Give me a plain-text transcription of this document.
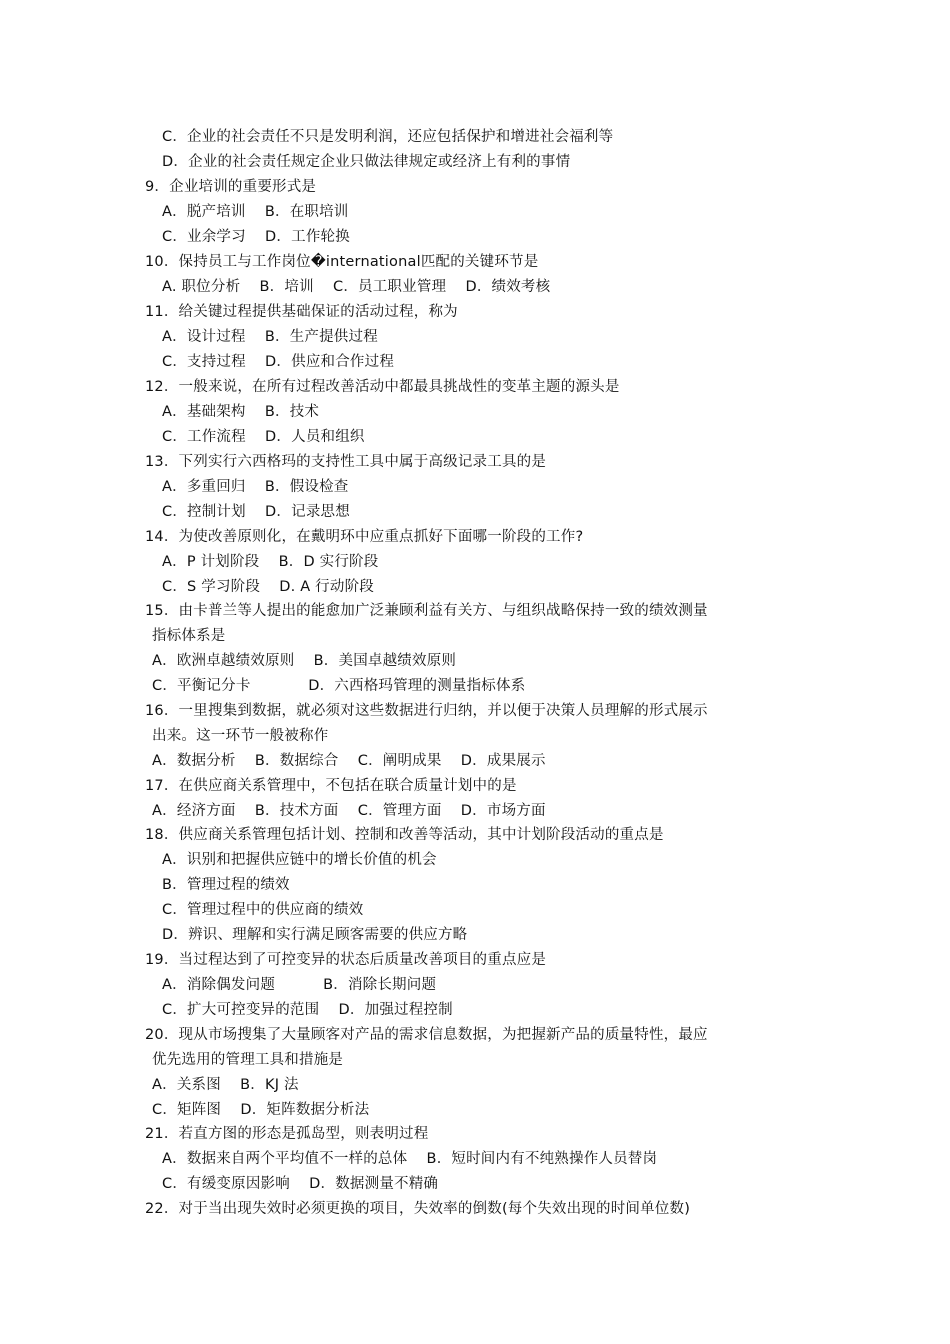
C．企业的社会责任不只是发明利润，还应包括保护和增进社会福利等
D．企业的社会责任规定企业只做法律规定或经济上有利的事情
9．企业培训的重要形式是
A．脱产培训    B．在职培训
C．业余学习    D．工作轮换
10．保持员工与工作岗位�international匹配的关键环节是
A. 职位分析    B．培训    C．员工职业管理    D．绩效考核
11．给关键过程提供基础保证的活动过程，称为
A．设计过程    B．生产提供过程
C．支持过程    D．供应和合作过程
12．一般来说，在所有过程改善活动中都最具挑战性的变革主题的源头是
A．基础架构    B．技术
C．工作流程    D．人员和组织
13．下列实行六西格玛的支持性工具中属于高级记录工具的是
A．多重回归    B．假设检查
C．控制计划    D．记录思想
14．为使改善原则化，在戴明环中应重点抓好下面哪一阶段的工作?
A．P 计划阶段    B．D 实行阶段
C．S 学习阶段    D. A 行动阶段
15．由卡普兰等人提出的能愈加广泛兼顾利益有关方、与组织战略保持一致的绩效测量
指标体系是
A．欧洲卓越绩效原则    B．美国卓越绩效原则
C．平衡记分卡            D．六西格玛管理的测量指标体系
16．一里搜集到数据，就必须对这些数据进行归纳，并以便于决策人员理解的形式展示
出来。这一环节一般被称作
A．数据分析    B．数据综合    C．阐明成果    D．成果展示
17．在供应商关系管理中，不包括在联合质量计划中的是
A．经济方面    B．技术方面    C．管理方面    D．市场方面
18．供应商关系管理包括计划、控制和改善等活动，其中计划阶段活动的重点是
A．识别和把握供应链中的增长价值的机会
B．管理过程的绩效
C．管理过程中的供应商的绩效
D．辨识、理解和实行满足顾客需要的供应方略
19．当过程达到了可控变异的状态后质量改善项目的重点应是
A．消除偶发问题          B．消除长期问题
C．扩大可控变异的范围    D．加强过程控制
20．现从市场搜集了大量顾客对产品的需求信息数据，为把握新产品的质量特性，最应
优先选用的管理工具和措施是
A．关系图    B．KJ 法
C．矩阵图    D．矩阵数据分析法
21．若直方图的形态是孤岛型，则表明过程
A．数据来自两个平均值不一样的总体    B．短时间内有不纯熟操作人员替岗
C．有缓变原因影响    D．数据测量不精确
22．对于当出现失效时必须更换的项目，失效率的倒数(每个失效出现的时间单位数)
